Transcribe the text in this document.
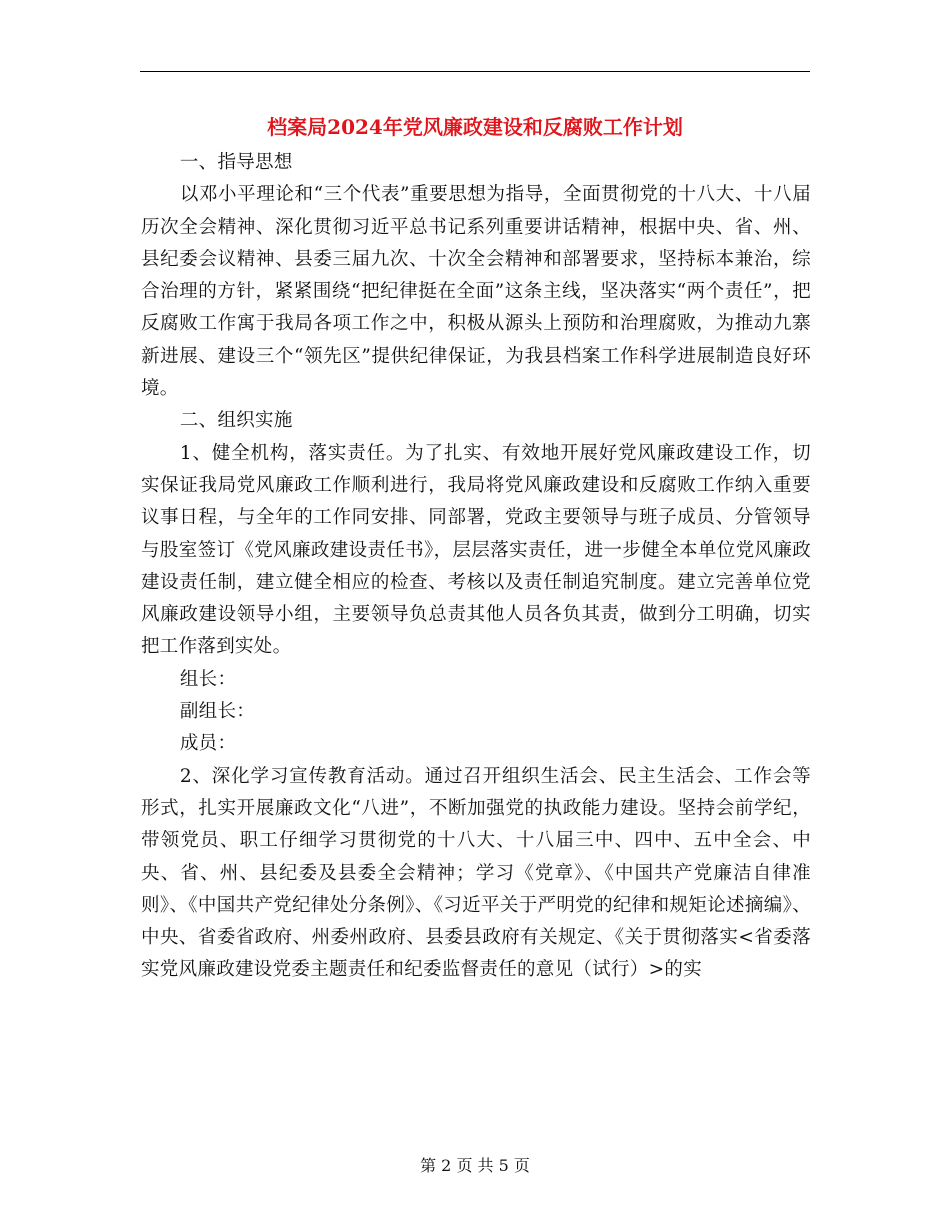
档案局2024年党风廉政建设和反腐败工作计划

一、指导思想

以邓小平理论和“三个代表”重要思想为指导，全面贯彻党的十八大、十八届历次全会精神、深化贯彻习近平总书记系列重要讲话精神，根据中央、省、州、县纪委会议精神、县委三届九次、十次全会精神和部署要求，坚持标本兼治，综合治理的方针，紧紧围绕“把纪律挺在全面”这条主线，坚决落实“两个责任”，把反腐败工作寓于我局各项工作之中，积极从源头上预防和治理腐败，为推动九寨新进展、建设三个“领先区”提供纪律保证，为我县档案工作科学进展制造良好环境。

二、组织实施

1、健全机构，落实责任。为了扎实、有效地开展好党风廉政建设工作，切实保证我局党风廉政工作顺利进行，我局将党风廉政建设和反腐败工作纳入重要议事日程，与全年的工作同安排、同部署，党政主要领导与班子成员、分管领导与股室签订《党风廉政建设责任书》，层层落实责任，进一步健全本单位党风廉政建设责任制，建立健全相应的检查、考核以及责任制追究制度。建立完善单位党风廉政建设领导小组，主要领导负总责其他人员各负其责，做到分工明确，切实把工作落到实处。

组长：

副组长：

成员：

2、深化学习宣传教育活动。通过召开组织生活会、民主生活会、工作会等形式，扎实开展廉政文化“八进”，不断加强党的执政能力建设。坚持会前学纪，带领党员、职工仔细学习贯彻党的十八大、十八届三中、四中、五中全会、中央、省、州、县纪委及县委全会精神；学习《党章》、《中国共产党廉洁自律准则》、《中国共产党纪律处分条例》、《习近平关于严明党的纪律和规矩论述摘编》、中央、省委省政府、州委州政府、县委县政府有关规定、《关于贯彻落实<省委落实党风廉政建设党委主题责任和纪委监督责任的意见（试行）>的实

第 2 页 共 5 页
